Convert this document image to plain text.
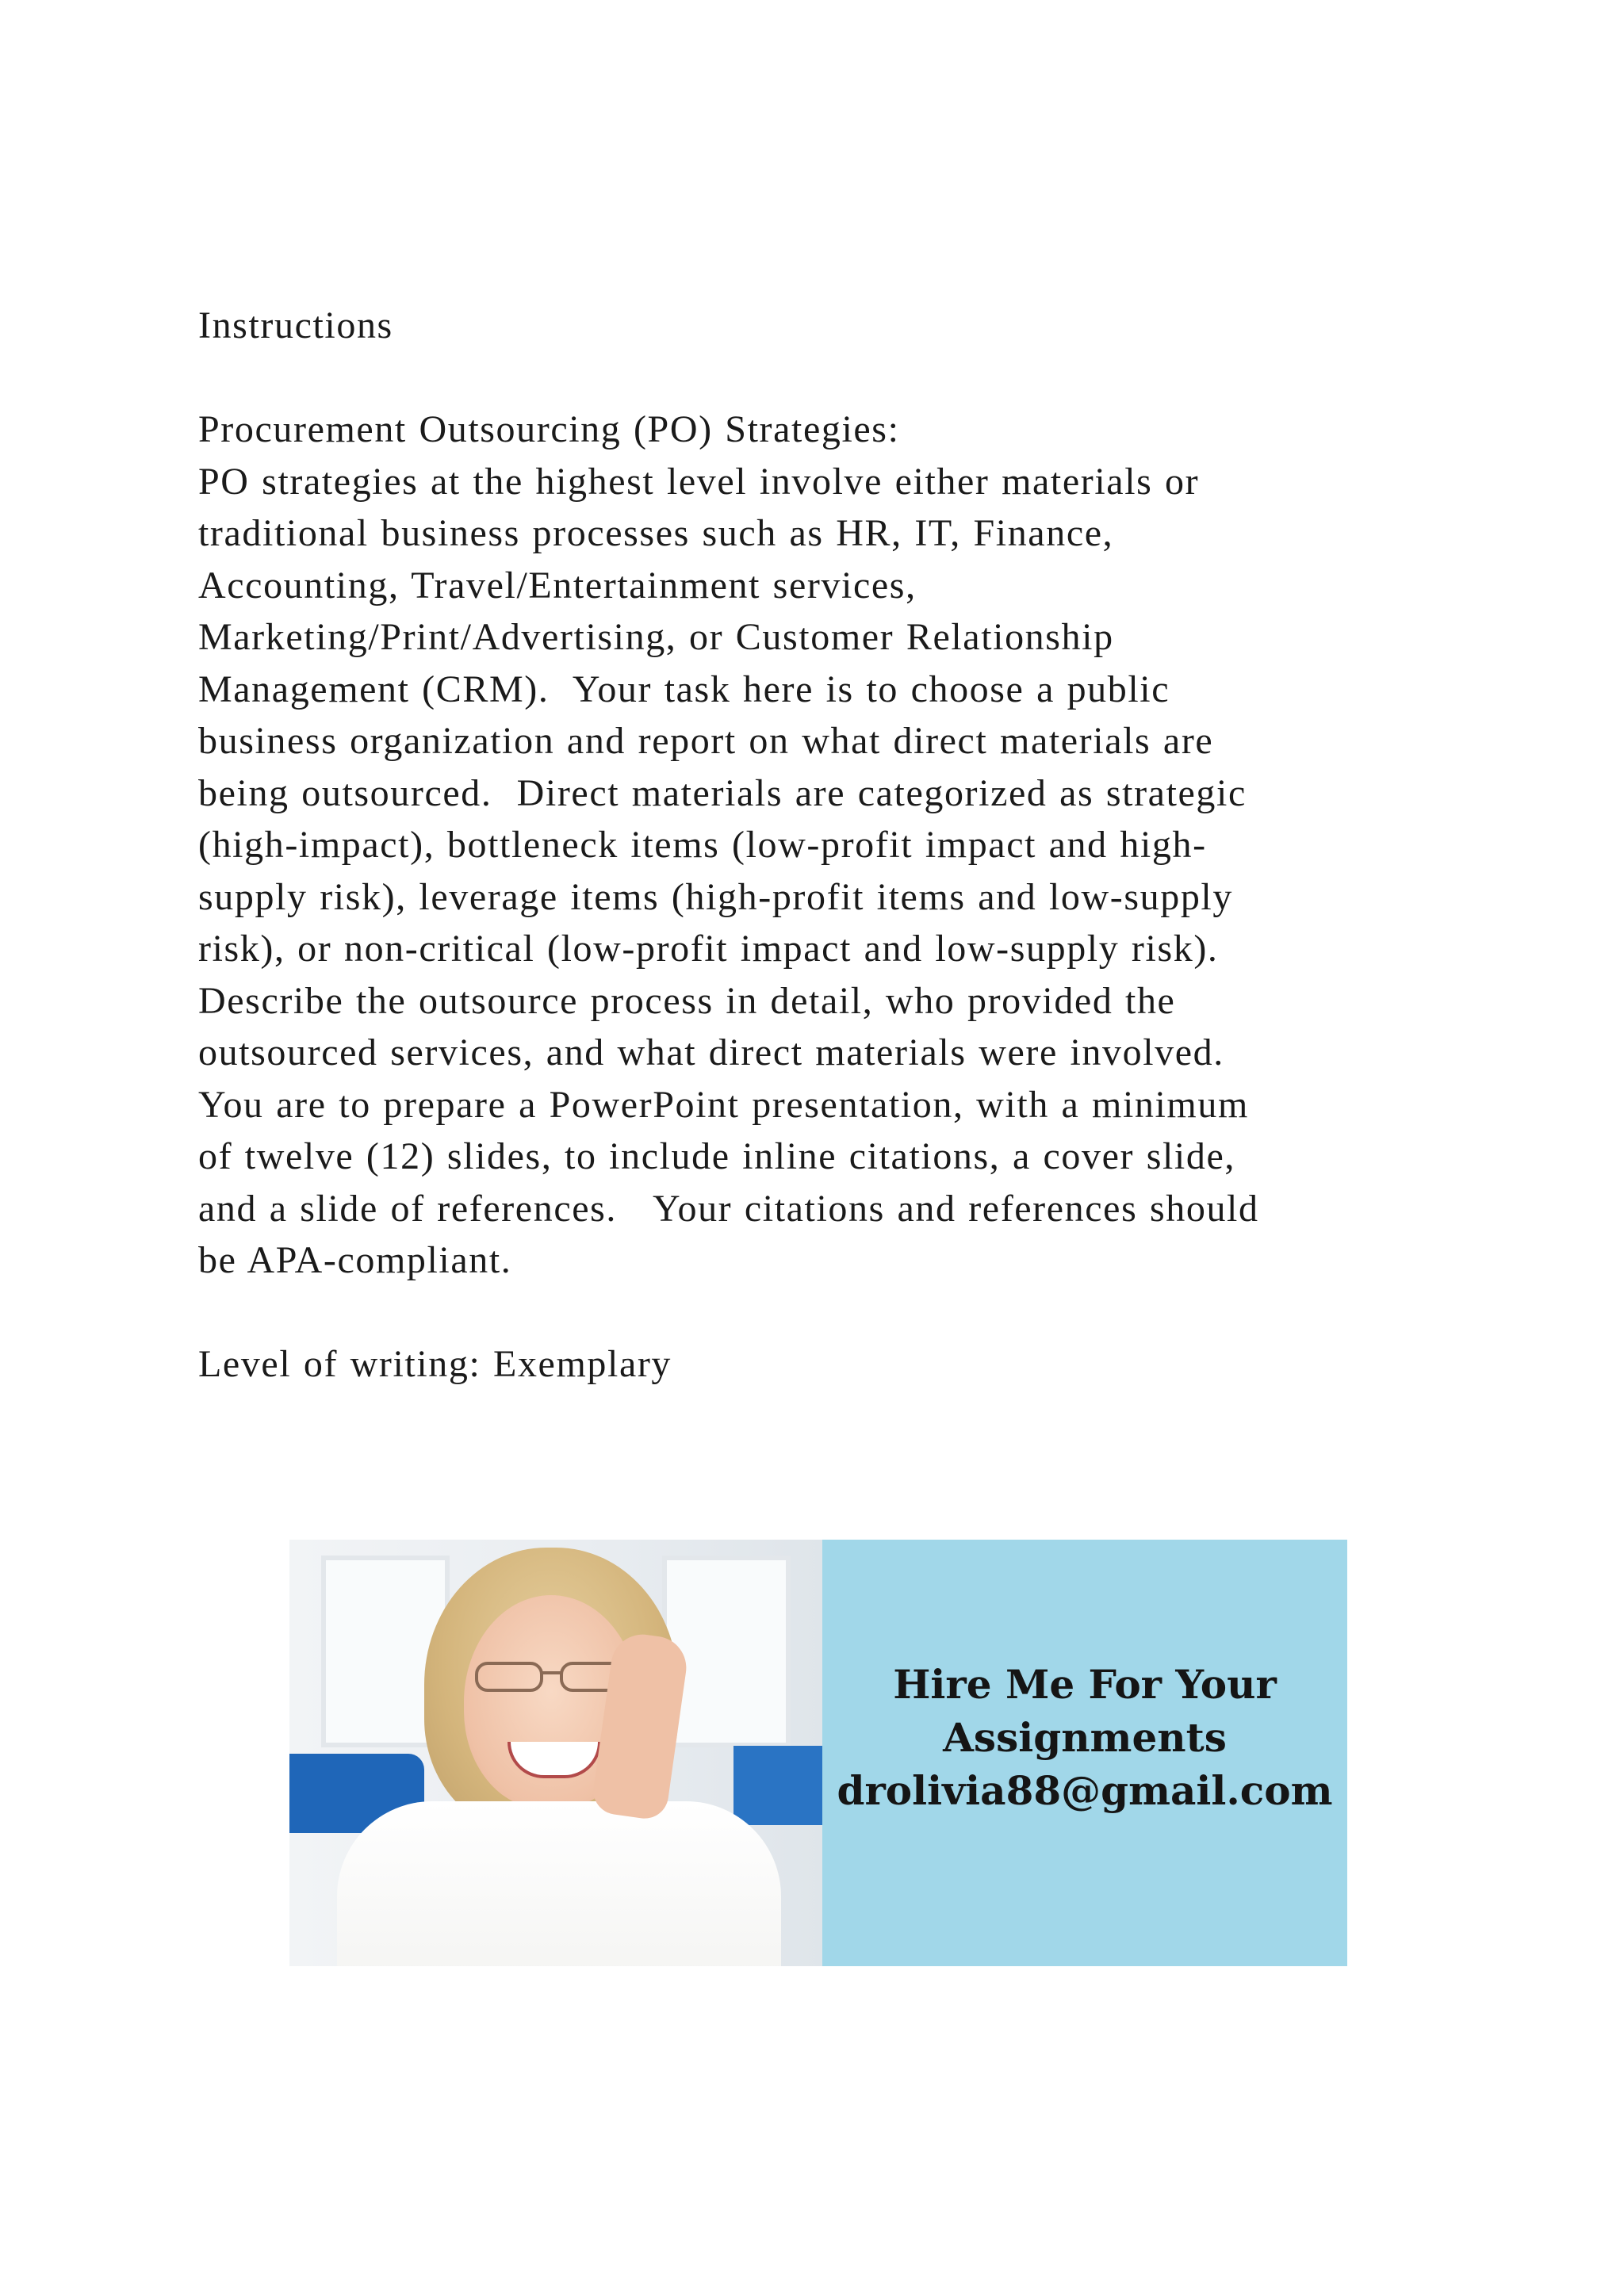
Instructions

Procurement Outsourcing (PO) Strategies:

PO strategies at the highest level involve either materials or

traditional business processes such as HR, IT, Finance,

Accounting, Travel/Entertainment services,

Marketing/Print/Advertising, or Customer Relationship

Management (CRM).  Your task here is to choose a public

business organization and report on what direct materials are

being outsourced.  Direct materials are categorized as strategic

(high-impact), bottleneck items (low-profit impact and high-

supply risk), leverage items (high-profit items and low-supply

risk), or non-critical (low-profit impact and low-supply risk).

Describe the outsource process in detail, who provided the

outsourced services, and what direct materials were involved.

You are to prepare a PowerPoint presentation, with a minimum

of twelve (12) slides, to include inline citations, a cover slide,

and a slide of references.   Your citations and references should

be APA-compliant.

Level of writing: Exemplary

Hire Me For Your
Assignments
drolivia88@gmail.com
